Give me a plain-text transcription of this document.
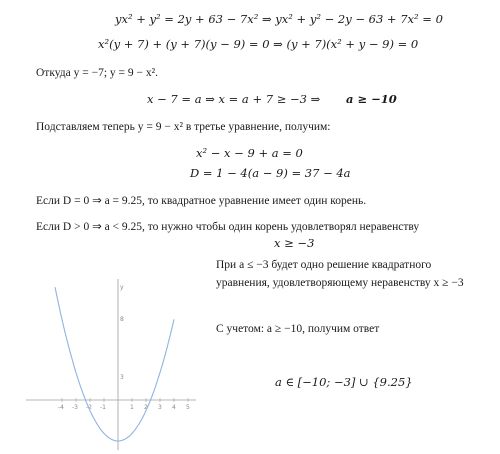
yx² + y² = 2y + 63 − 7x² ⇒ yx² + y² − 2y − 63 + 7x² = 0
x²(y + 7) + (y + 7)(y − 9) = 0 ⇒ (y + 7)(x² + y − 9) = 0
Откуда y = −7; y = 9 − x².
x − 7 = a ⇒ x = a + 7 ≥ −3 ⇒ a ≥ −10
Подставляем теперь y = 9 − x² в третье уравнение, получим:
x² − x − 9 + a = 0
D = 1 − 4(a − 9) = 37 − 4a
Если D = 0 ⇒ a = 9.25, то квадратное уравнение имеет один корень.
Если D > 0 ⇒ a < 9.25, то нужно чтобы один корень удовлетворял неравенству
x ≥ −3
При a ≤ −3 будет одно решение квадратного
уравнения, удовлетворяющему неравенству x ≥ −3
С учетом: a ≥ −10, получим ответ
a ∈ [−10; −3] ∪ {9.25}
-4 -3 -2 -1	1 2 3 4 5
y
8
3
